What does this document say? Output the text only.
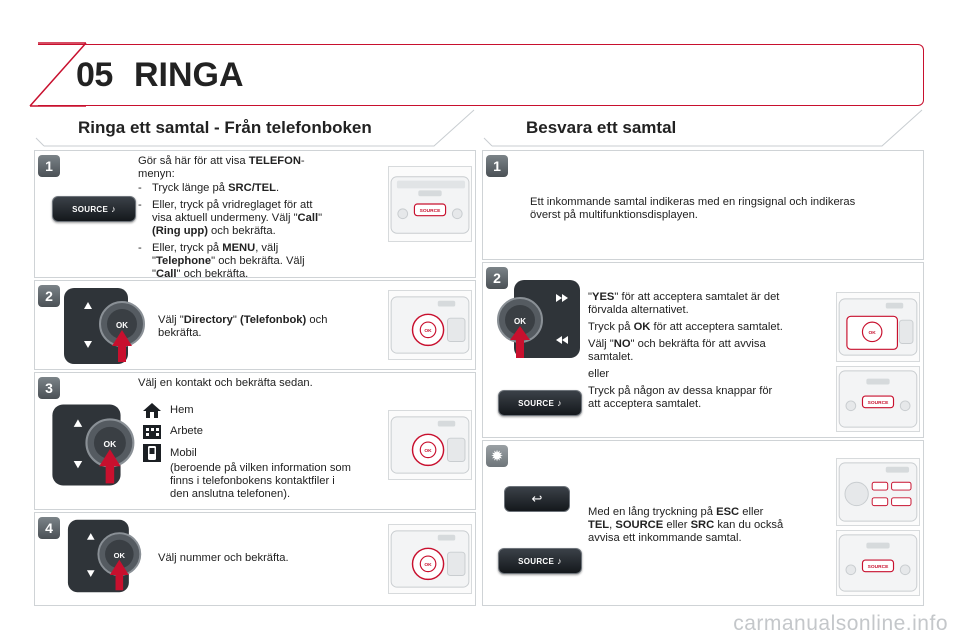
05 RINGA
Ringa ett samtal - Från telefonboken	Besvara ett samtal
1
SOURCE ♪
Gör så här för att visa TELEFON-
menyn:
- Tryck länge på SRC/TEL.
- Eller, tryck på vridreglaget för att
visa aktuell undermeny. Välj "Call"
(Ring upp) och bekräfta.
- Eller, tryck på MENU, välj
"Telephone" och bekräfta. Välj
"Call" och bekräfta.
SOURCE
2
OK	Välj "Directory" (Telefonbok) och
bekräfta.	OK
3
OK
Välj en kontakt och bekräfta sedan.
Hem
Arbete
Mobil
(beroende på vilken information som
finns i telefonbokens kontaktfiler i
den anslutna telefonen).
OK
4
OK	Välj nummer och bekräfta.
OK
1
Ett inkommande samtal indikeras med en ringsignal och indikeras
överst på multifunktionsdisplayen.
2
OK
SOURCE ♪
"YES" för att acceptera samtalet är det
förvalda alternativet.
Tryck på OK för att acceptera samtalet.
Välj "NO" och bekräfta för att avvisa
samtalet.
eller
Tryck på någon av dessa knappar för
att acceptera samtalet.
OK
SOURCE
✹
↩
SOURCE ♪
Med en lång tryckning på ESC eller
TEL, SOURCE eller SRC kan du också
avvisa ett inkommande samtal.
SOURCE
carmanualsonline.info
